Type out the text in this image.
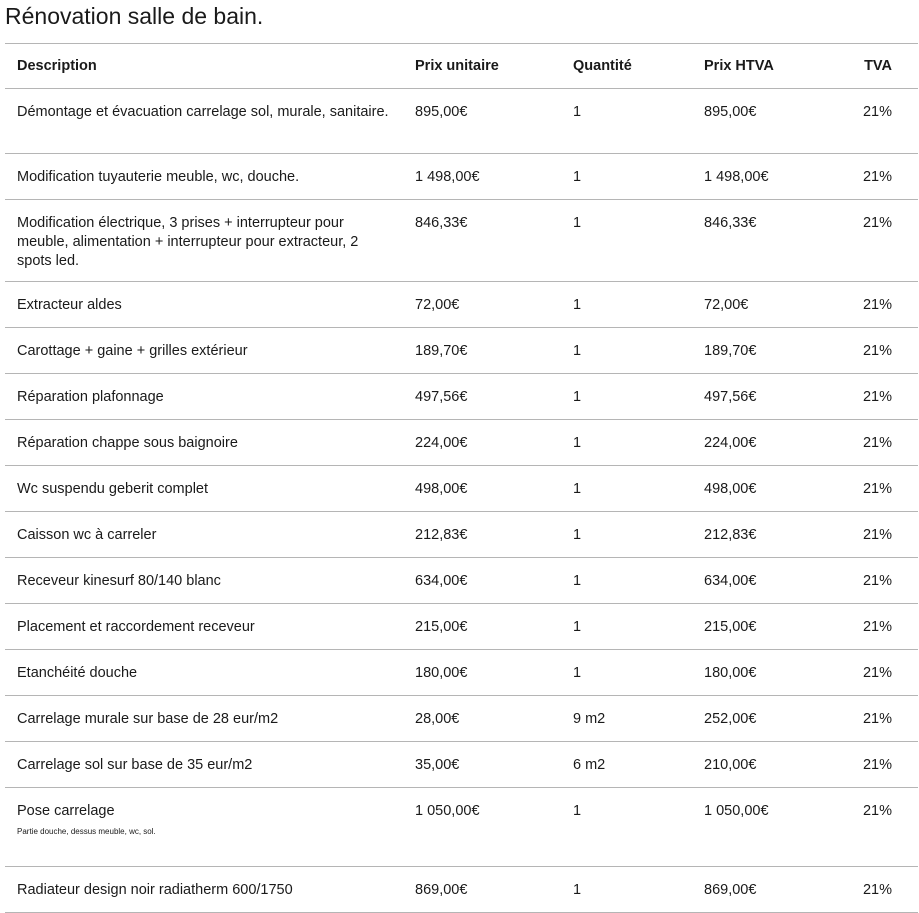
Rénovation salle de bain.
Description	Prix unitaire	Quantité	Prix HTVA	TVA
Démontage et évacuation carrelage sol, murale, sanitaire.	895,00€	1	895,00€	21%
Modification tuyauterie meuble, wc, douche.	1 498,00€	1	1 498,00€	21%
Modification électrique, 3 prises + interrupteur pour meuble, alimentation + interrupteur pour extracteur, 2 spots led.	846,33€	1	846,33€	21%
Extracteur aldes	72,00€	1	72,00€	21%
Carottage + gaine + grilles extérieur	189,70€	1	189,70€	21%
Réparation plafonnage	497,56€	1	497,56€	21%
Réparation chappe sous baignoire	224,00€	1	224,00€	21%
Wc suspendu geberit complet	498,00€	1	498,00€	21%
Caisson wc à carreler	212,83€	1	212,83€	21%
Receveur kinesurf 80/140 blanc	634,00€	1	634,00€	21%
Placement et raccordement receveur	215,00€	1	215,00€	21%
Etanchéité douche	180,00€	1	180,00€	21%
Carrelage murale sur base de 28 eur/m2	28,00€	9 m2	252,00€	21%
Carrelage sol sur base de 35 eur/m2	35,00€	6 m2	210,00€	21%
Pose carrelage
Partie douche, dessus meuble, wc, sol.	1 050,00€	1	1 050,00€	21%
Radiateur design noir radiatherm 600/1750	869,00€	1	869,00€	21%
